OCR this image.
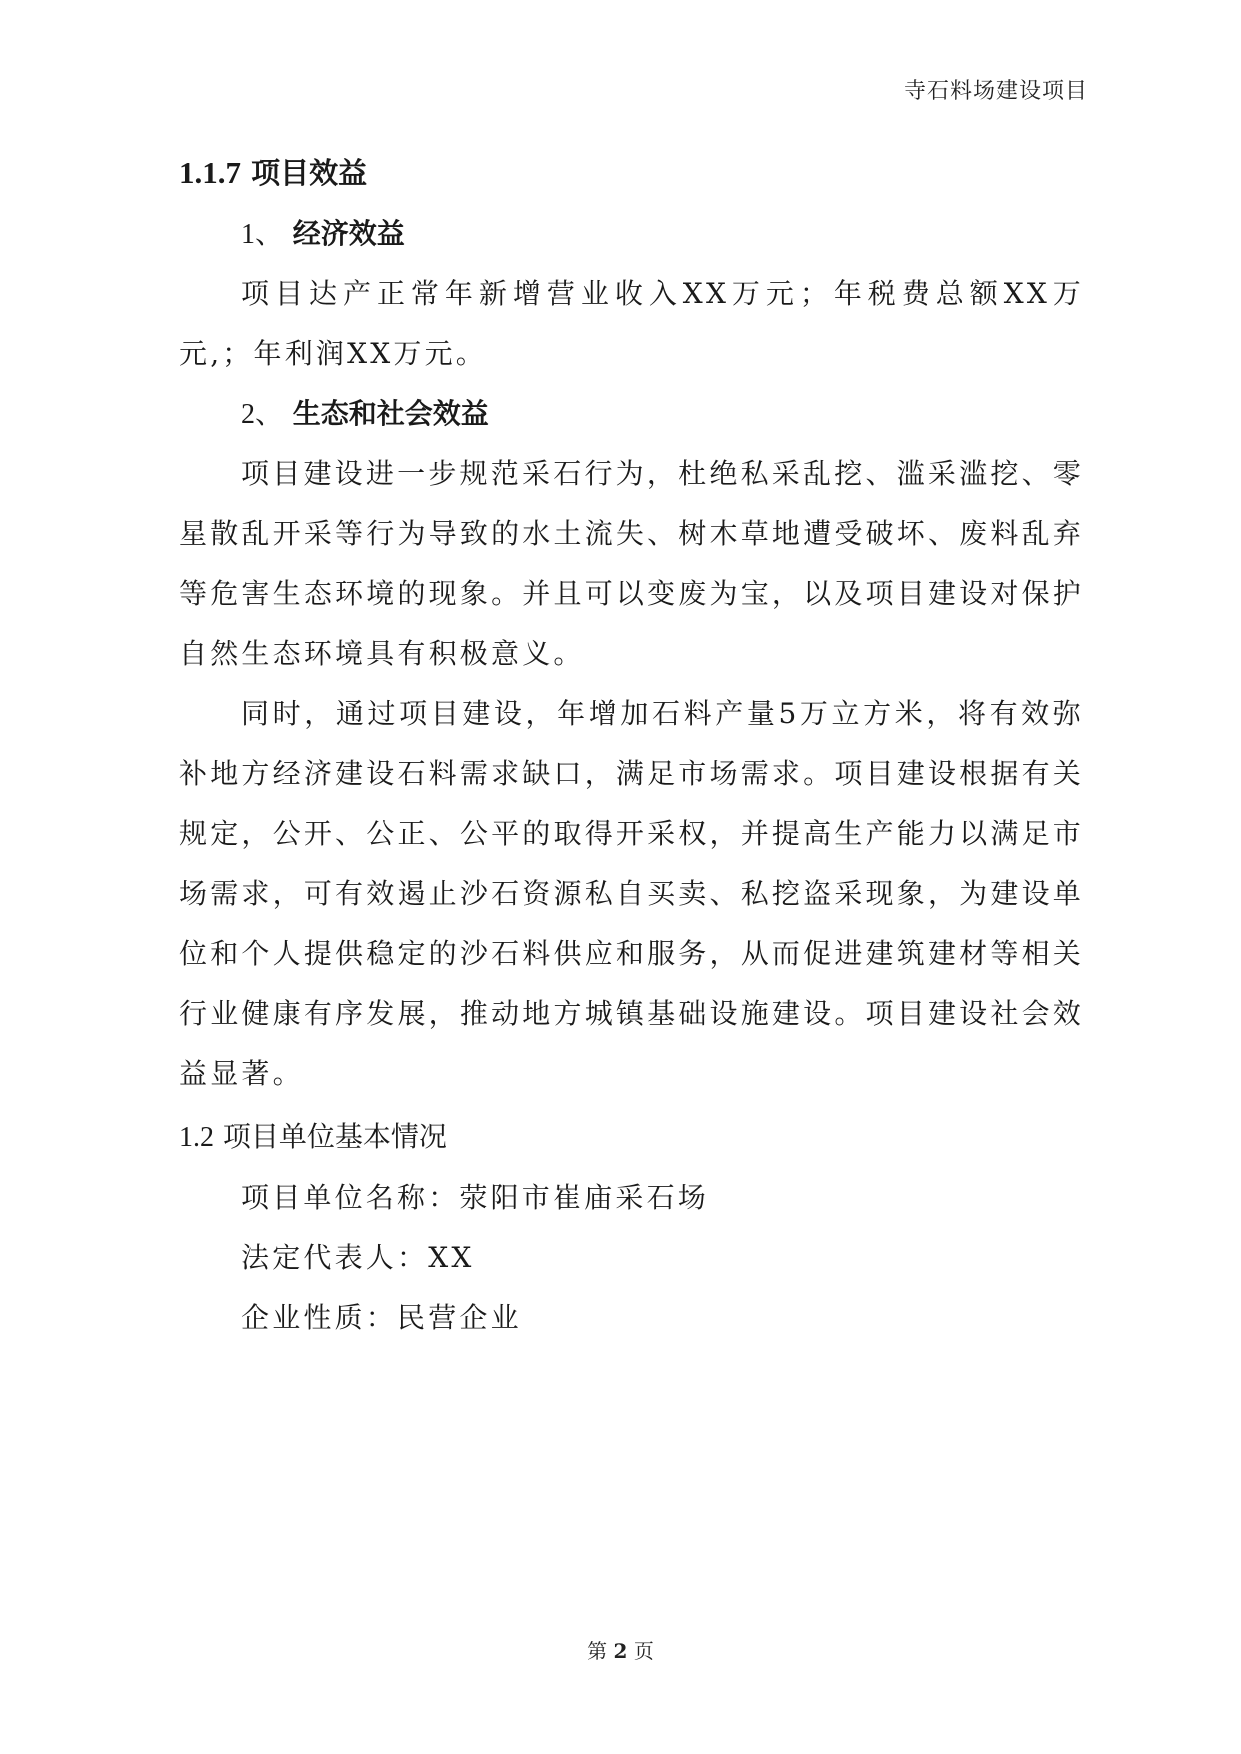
寺石料场建设项目
1.1.7 项目效益
1、 经济效益

项目达产正常年新增营业收入XX万元；年税费总额XX万元,；年利润XX万元。

2、 生态和社会效益

项目建设进一步规范采石行为，杜绝私采乱挖、滥采滥挖、零星散乱开采等行为导致的水土流失、树木草地遭受破坏、废料乱弃等危害生态环境的现象。并且可以变废为宝，以及项目建设对保护自然生态环境具有积极意义。

同时，通过项目建设，年增加石料产量5万立方米，将有效弥补地方经济建设石料需求缺口，满足市场需求。项目建设根据有关规定，公开、公正、公平的取得开采权，并提高生产能力以满足市场需求，可有效遏止沙石资源私自买卖、私挖盗采现象，为建设单位和个人提供稳定的沙石料供应和服务，从而促进建筑建材等相关行业健康有序发展，推动地方城镇基础设施建设。项目建设社会效益显著。

1.2 项目单位基本情况
项目单位名称：荥阳市崔庙采石场
法定代表人：XX
企业性质：民营企业
第 2 页
